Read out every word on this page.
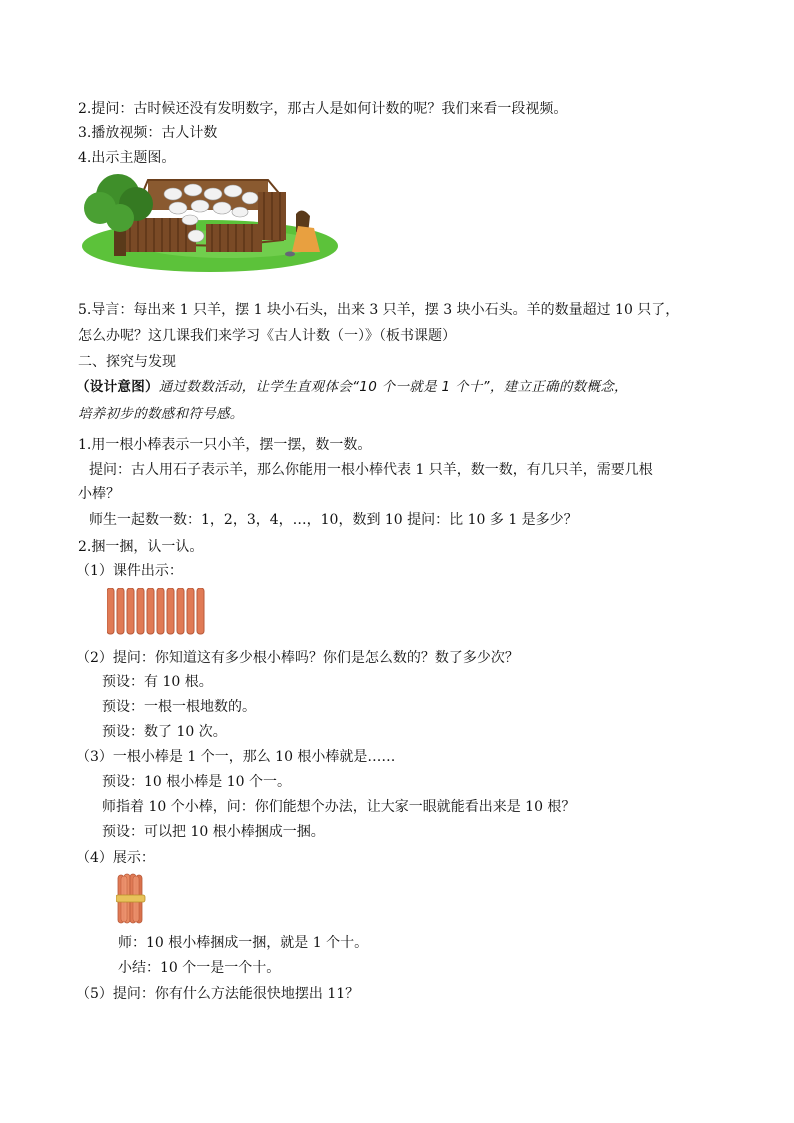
2.提问：古时候还没有发明数字，那古人是如何计数的呢？我们来看一段视频。
3.播放视频：古人计数
4.出示主题图。
5.导言：每出来 1 只羊，摆 1 块小石头，出来 3 只羊，摆 3 块小石头。羊的数量超过 10 只了，
怎么办呢？这几课我们来学习《古人计数（一）》（板书课题）
二、探究与发现
（设计意图）通过数数活动，让学生直观体会“10 个一就是 1 个十”，建立正确的数概念，
培养初步的数感和符号感。
1.用一根小棒表示一只小羊，摆一摆，数一数。
提问：古人用石子表示羊，那么你能用一根小棒代表 1 只羊，数一数，有几只羊，需要几根
小棒？
师生一起数一数：1，2，3，4，…，10，数到 10 提问：比 10 多 1 是多少？
2.捆一捆，认一认。
（1）课件出示：
（2）提问：你知道这有多少根小棒吗？你们是怎么数的？数了多少次？
预设：有 10 根。
预设：一根一根地数的。
预设：数了 10 次。
（3）一根小棒是 1 个一，那么 10 根小棒就是……
预设：10 根小棒是 10 个一。
师指着 10 个小棒，问：你们能想个办法，让大家一眼就能看出来是 10 根？
预设：可以把 10 根小棒捆成一捆。
（4）展示：
师：10 根小棒捆成一捆，就是 1 个十。
小结：10 个一是一个十。
（5）提问：你有什么方法能很快地摆出 11？
